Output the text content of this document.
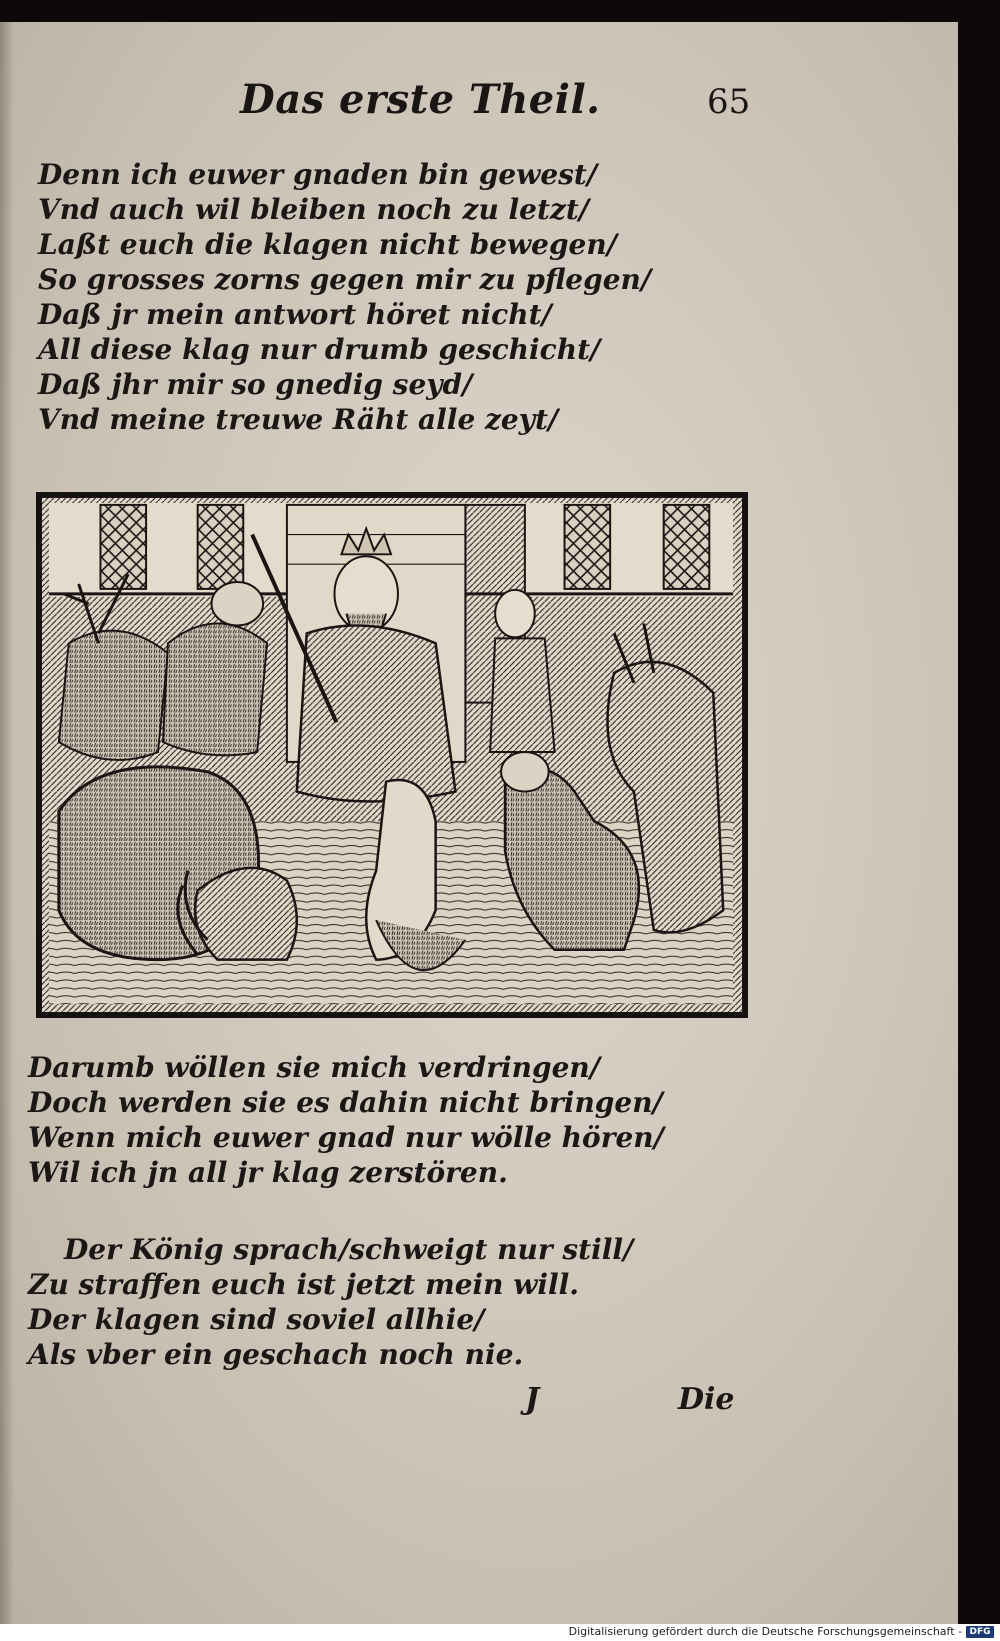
Das erste Theil.	65
Denn ich euwer gnaden bin gewest/
Vnd auch wil bleiben noch zu letzt/
Laßt euch die klagen nicht bewegen/
So grosses zorns gegen mir zu pflegen/
Daß jr mein antwort höret nicht/
All diese klag nur drumb geschicht/
Daß jhr mir so gnedig seyd/
Vnd meine treuwe Räht alle zeyt/
Darumb wöllen sie mich verdringen/
Doch werden sie es dahin nicht bringen/
Wenn mich euwer gnad nur wölle hören/
Wil ich jn all jr klag zerstören.
Der König sprach/schweigt nur still/
Zu straffen euch ist jetzt mein will.
Der klagen sind soviel allhie/
Als vber ein geschach noch nie.
J	Die
Digitalisierung gefördert durch die Deutsche Forschungsgemeinschaft - DFG
